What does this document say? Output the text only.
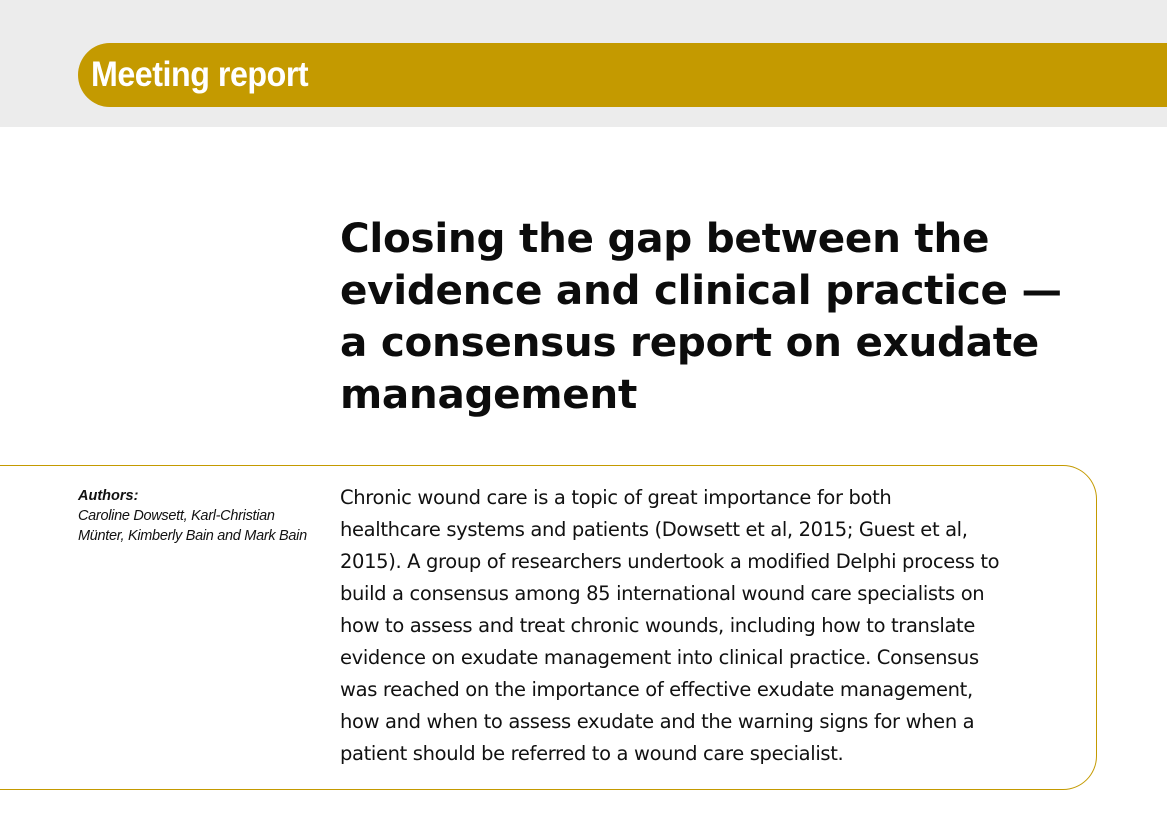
Meeting report
Closing the gap between the
evidence and clinical practice —
a consensus report on exudate
management
Authors:
Caroline Dowsett, Karl-Christian
Münter, Kimberly Bain and Mark Bain
Chronic wound care is a topic of great importance for both
healthcare systems and patients (Dowsett et al, 2015; Guest et al,
2015). A group of researchers undertook a modified Delphi process to
build a consensus among 85 international wound care specialists on
how to assess and treat chronic wounds, including how to translate
evidence on exudate management into clinical practice. Consensus
was reached on the importance of effective exudate management,
how and when to assess exudate and the warning signs for when a
patient should be referred to a wound care specialist.
